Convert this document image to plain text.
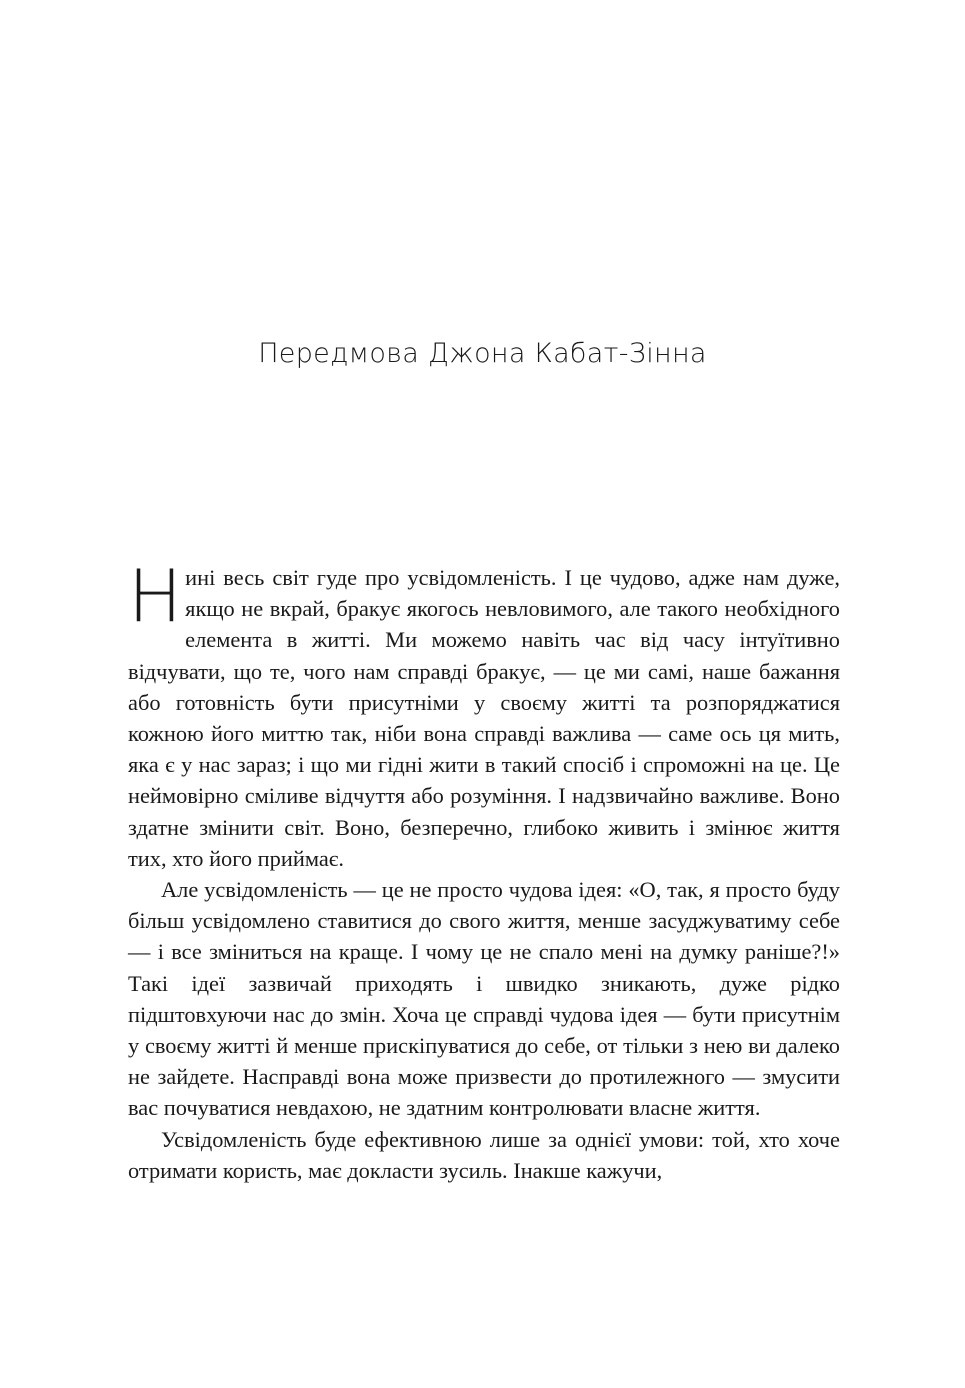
Передмова Джона Кабат-Зінна

Нині весь світ гуде про усвідомленість. І це чудово, адже нам дуже, якщо не вкрай, бракує якогось невловимого, але такого необхідного елемента в житті. Ми можемо навіть час від часу інтуїтивно відчувати, що те, чого нам справді бракує, — це ми самі, наше бажання або готовність бути присутніми у своєму житті та розпоряджатися кожною його миттю так, ніби вона справді важлива — саме ось ця мить, яка є у нас зараз; і що ми гідні жити в такий спосіб і спроможні на це. Це неймовірно сміливе відчуття або розуміння. І надзвичайно важливе. Воно здатне змінити світ. Воно, безперечно, глибоко живить і змінює життя тих, хто його приймає.

Але усвідомленість — це не просто чудова ідея: «О, так, я просто буду більш усвідомлено ставитися до свого життя, менше засуджуватиму себе — і все зміниться на краще. І чому це не спало мені на думку раніше?!» Такі ідеї зазвичай приходять і швидко зникають, дуже рідко підштовхуючи нас до змін. Хоча це справді чудова ідея — бути присутнім у своєму житті й менше прискіпуватися до себе, от тільки з нею ви далеко не зайдете. Насправді вона може призвести до протилежного — змусити вас почуватися невдахою, не здатним контролювати власне життя.

Усвідомленість буде ефективною лише за однієї умови: той, хто хоче отримати користь, має докласти зусиль. Інакше кажучи,
